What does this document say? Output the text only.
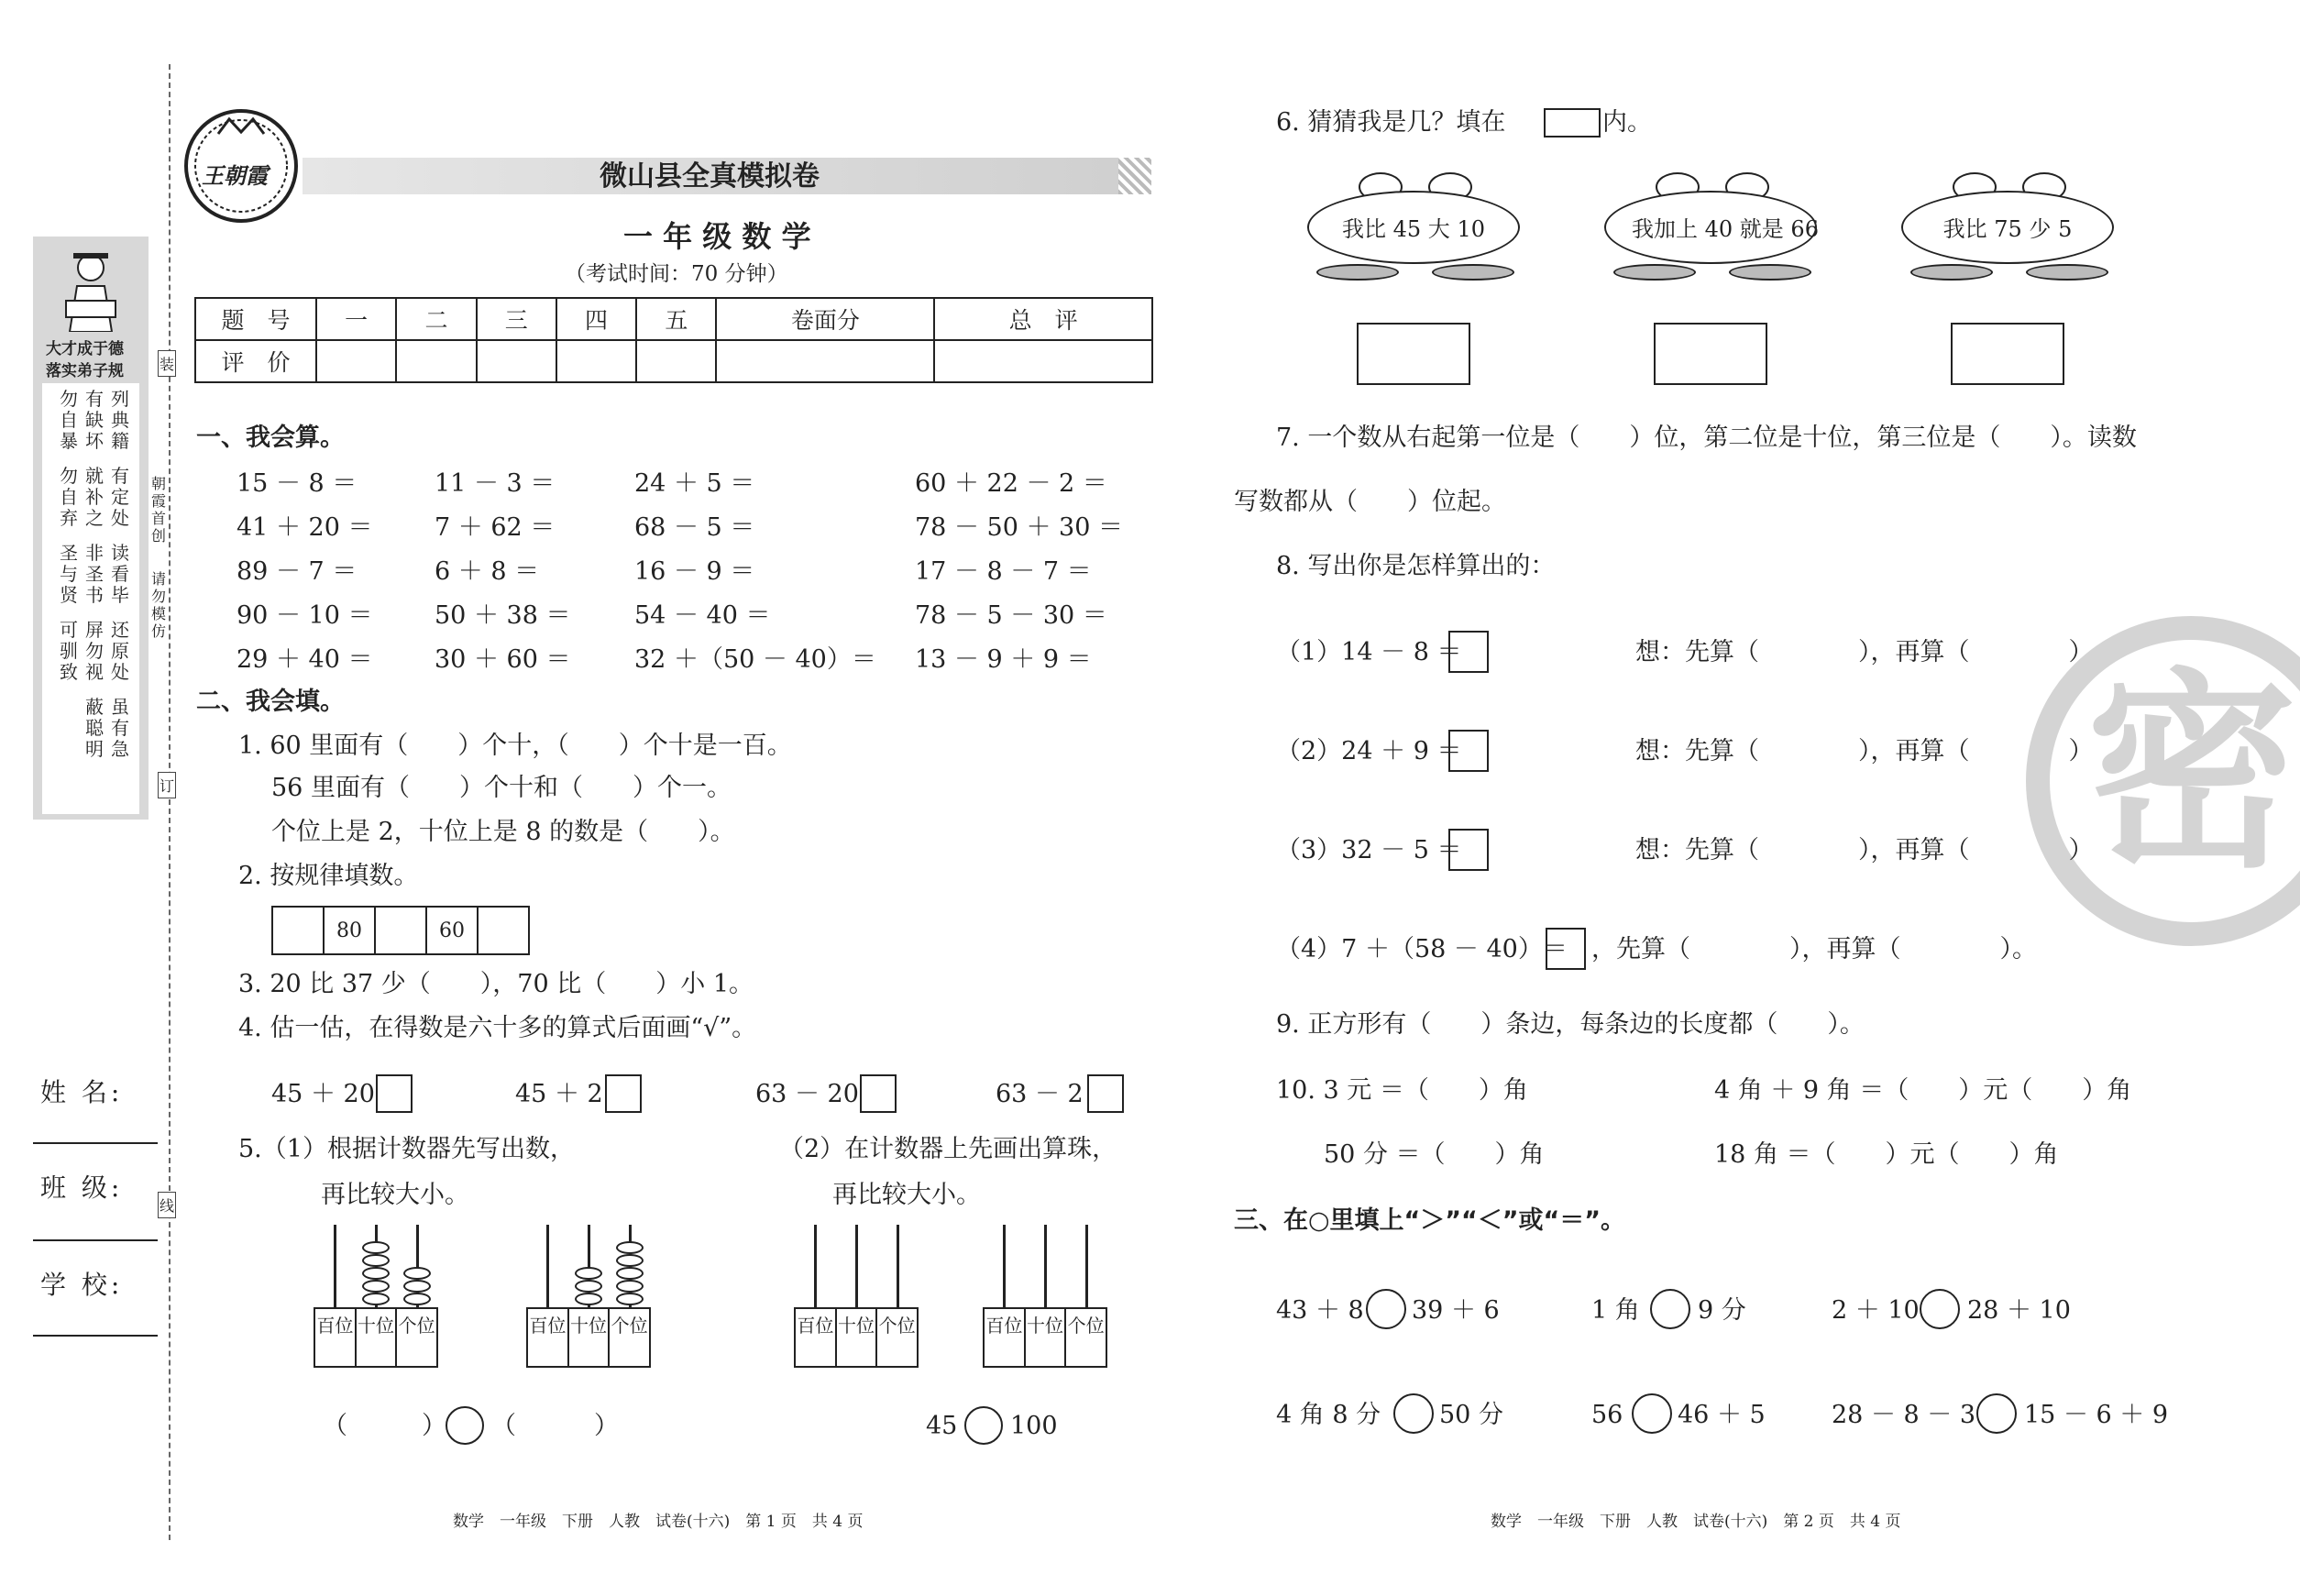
大才成于德
落实弟子规
列典籍
有缺坏
勿自暴
有定处
就补之
勿自弃
读看毕
非圣书
圣与贤
还原处
屏勿视
可驯致
虽有急
蔽聪明
朝霞首创
请勿模仿
装
订
线
姓 名:
班 级:
学 校:
王朝霞	微山县全真模拟卷
一 年 级 数 学
（考试时间：70 分钟）
题　号	一	二	三	四	五	卷面分	总　评
评　价							
一、我会算。
二、我会填。
1. 60 里面有（　　）个十，（　　）个十是一百。
56 里面有（　　）个十和（　　）个一。
个位上是 2，十位上是 8 的数是（　　）。
2. 按规律填数。
	80		60	
3. 20 比 37 少（　　），70 比（　　）小 1。
4. 估一估，在得数是六十多的算式后面画“√”。
45 ＋ 20	45 ＋ 2	63 － 20	63 － 2
5.（1）根据计数器先写出数，
再比较大小。
（2）在计数器上先画出算珠，
再比较大小。
（	） （	）	45 100
数学　一年级　下册　人教　试卷(十六)　第 1 页　共 4 页
密
6. 猜猜我是几？填在	内。
7. 一个数从右起第一位是（　　）位，第二位是十位，第三位是（　　）。读数
写数都从（　　）位起。
8. 写出你是怎样算出的：
（1）14 － 8 ＝	想：先算（　　　　），再算（　　　　）
（2）24 ＋ 9 ＝	想：先算（　　　　），再算（　　　　）
（3）32 － 5 ＝	想：先算（　　　　），再算（　　　　）
（4）7 ＋（58 － 40）＝ ，先算（　　　　），再算（　　　　）。
9. 正方形有（　　）条边，每条边的长度都（　　）。
10. 3 元 ＝（　　）角	4 角 ＋ 9 角 ＝（　　）元（　　）角
50 分 ＝（　　）角	18 角 ＝（　　）元（　　）角
三、在○里填上“＞”“＜”或“＝”。
数学　一年级　下册　人教　试卷(十六)　第 2 页　共 4 页
15 － 8 ＝	11 － 3 ＝	24 ＋ 5 ＝	60 ＋ 22 － 2 ＝
41 ＋ 20 ＝	7 ＋ 62 ＝	68 － 5 ＝	78 － 50 ＋ 30 ＝
89 － 7 ＝	6 ＋ 8 ＝	16 － 9 ＝	17 － 8 － 7 ＝
90 － 10 ＝	50 ＋ 38 ＝	54 － 40 ＝	78 － 5 － 30 ＝
29 ＋ 40 ＝	30 ＋ 60 ＝	32 ＋（50 － 40）＝ 13 － 9 ＋ 9 ＝
百位 十位 个位	百位 十位 个位	百位 十位 个位	百位 十位 个位
我比 45 大 10	我加上 40 就是 66	我比 75 少 5
43 ＋ 8 39 ＋ 6	1 角 9 分	2 ＋ 10 28 ＋ 10
4 角 8 分 50 分	56 46 ＋ 5	28 － 8 － 3 15 － 6 ＋ 9
